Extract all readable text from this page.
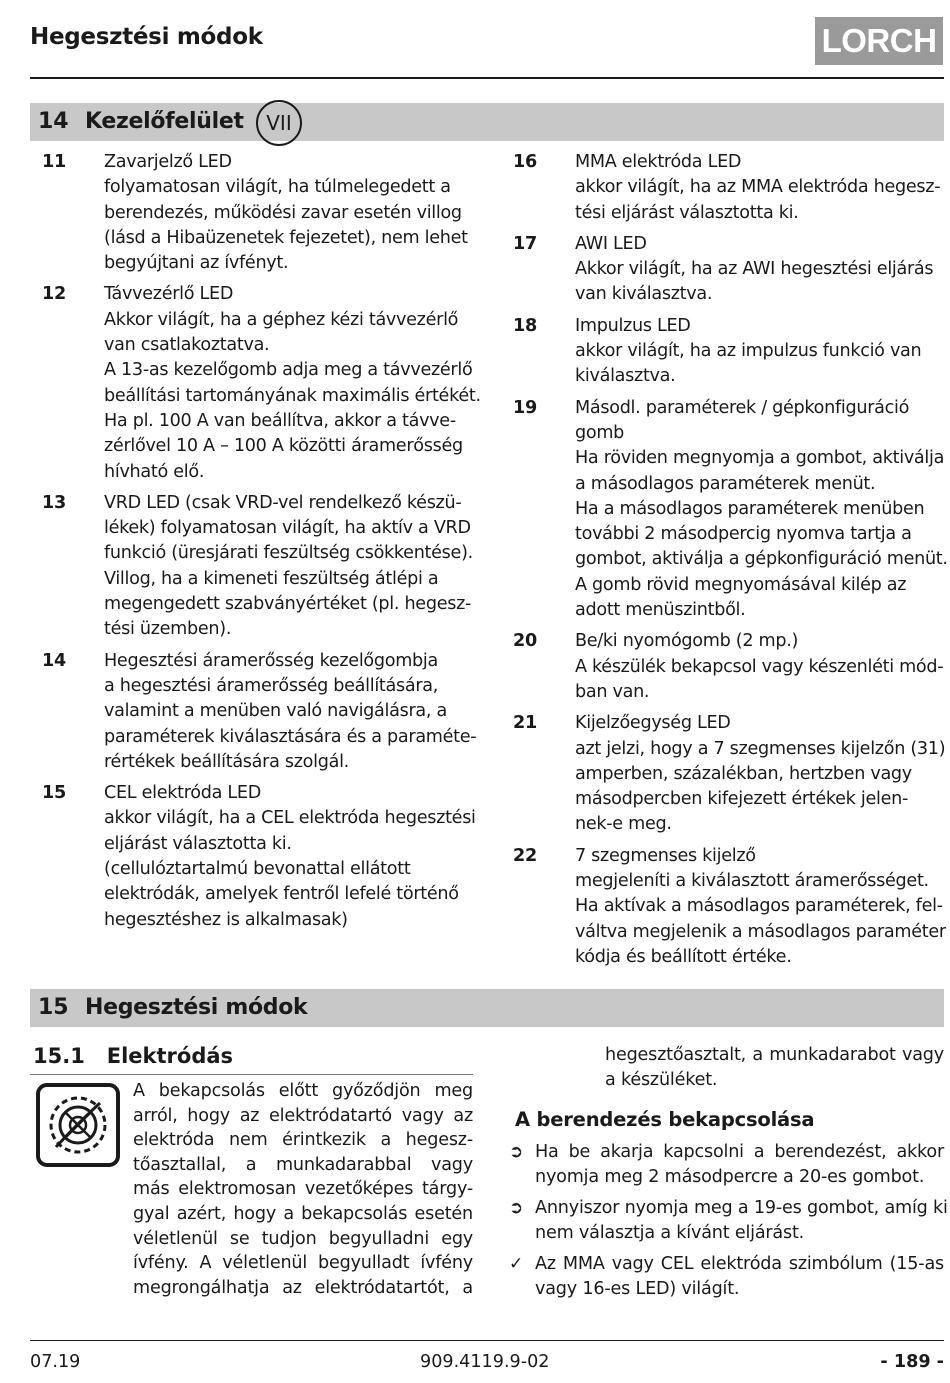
Hegesztési módok	LORCH
14 Kezelőfelület	VII
11	Zavarjelző LED
folyamatosan világít, ha túlmelegedett a
berendezés, működési zavar esetén villog
(lásd a Hibaüzenetek fejezetet), nem lehet
begyújtani az ívfényt.
12	Távvezérlő LED
Akkor világít, ha a géphez kézi távvezérlő
van csatlakoztatva.
A 13-as kezelőgomb adja meg a távvezérlő
beállítási tartományának maximális értékét.
Ha pl. 100 A van beállítva, akkor a távve-
zérlővel 10 A – 100 A közötti áramerősség
hívható elő.
13	VRD LED (csak VRD-vel rendelkező készü-
lékek) folyamatosan világít, ha aktív a VRD
funkció (üresjárati feszültség csökkentése).
Villog, ha a kimeneti feszültség átlépi a
megengedett szabványértéket (pl. hegesz-
tési üzemben).
14	Hegesztési áramerősség kezelőgombja
a hegesztési áramerősség beállítására,
valamint a menüben való navigálásra, a
paraméterek kiválasztására és a paraméte-
rértékek beállítására szolgál.
15	CEL elektróda LED
akkor világít, ha a CEL elektróda hegesztési
eljárást választotta ki.
(cellulóztartalmú bevonattal ellátott
elektródák, amelyek fentről lefelé történő
hegesztéshez is alkalmasak)
16	MMA elektróda LED
akkor világít, ha az MMA elektróda hegesz-
tési eljárást választotta ki.
17	AWI LED
Akkor világít, ha az AWI hegesztési eljárás
van kiválasztva.
18	Impulzus LED
akkor világít, ha az impulzus funkció van
kiválasztva.
19	Másodl. paraméterek / gépkonfiguráció
gomb
Ha röviden megnyomja a gombot, aktiválja
a másodlagos paraméterek menüt.
Ha a másodlagos paraméterek menüben
további 2 másodpercig nyomva tartja a
gombot, aktiválja a gépkonfiguráció menüt.
A gomb rövid megnyomásával kilép az
adott menüszintből.
20	Be/ki nyomógomb (2 mp.)
A készülék bekapcsol vagy készenléti mód-
ban van.
21	Kijelzőegység LED
azt jelzi, hogy a 7 szegmenses kijelzőn (31)
amperben, százalékban, hertzben vagy
másodpercben kifejezett értékek jelen-
nek-e meg.
22	7 szegmenses kijelző
megjeleníti a kiválasztott áramerősséget.
Ha aktívak a másodlagos paraméterek, fel-
váltva megjelenik a másodlagos paraméter
kódja és beállított értéke.
15 Hegesztési módok
15.1   Elektródás
A bekapcsolás előtt győződjön meg
arról, hogy az elektródatartó vagy az
elektróda nem érintkezik a hegesz-
tőasztallal, a munkadarabbal vagy
más elektromosan vezetőképes tárgy-
gyal azért, hogy a bekapcsolás esetén
véletlenül se tudjon begyulladni egy
ívfény. A véletlenül begyulladt ívfény
megrongálhatja az elektródatartót, a
hegesztőasztalt, a munkadarabot vagy
a készüléket.
A berendezés bekapcsolása
➲ Ha be akarja kapcsolni a berendezést, akkor
nyomja meg 2 másodpercre a 20-es gombot.
➲ Annyiszor nyomja meg a 19-es gombot, amíg ki
nem választja a kívánt eljárást.
✓ Az MMA vagy CEL elektróda szimbólum (15-as
vagy 16-es LED) világít.
07.19	909.4119.9-02	- 189 -
